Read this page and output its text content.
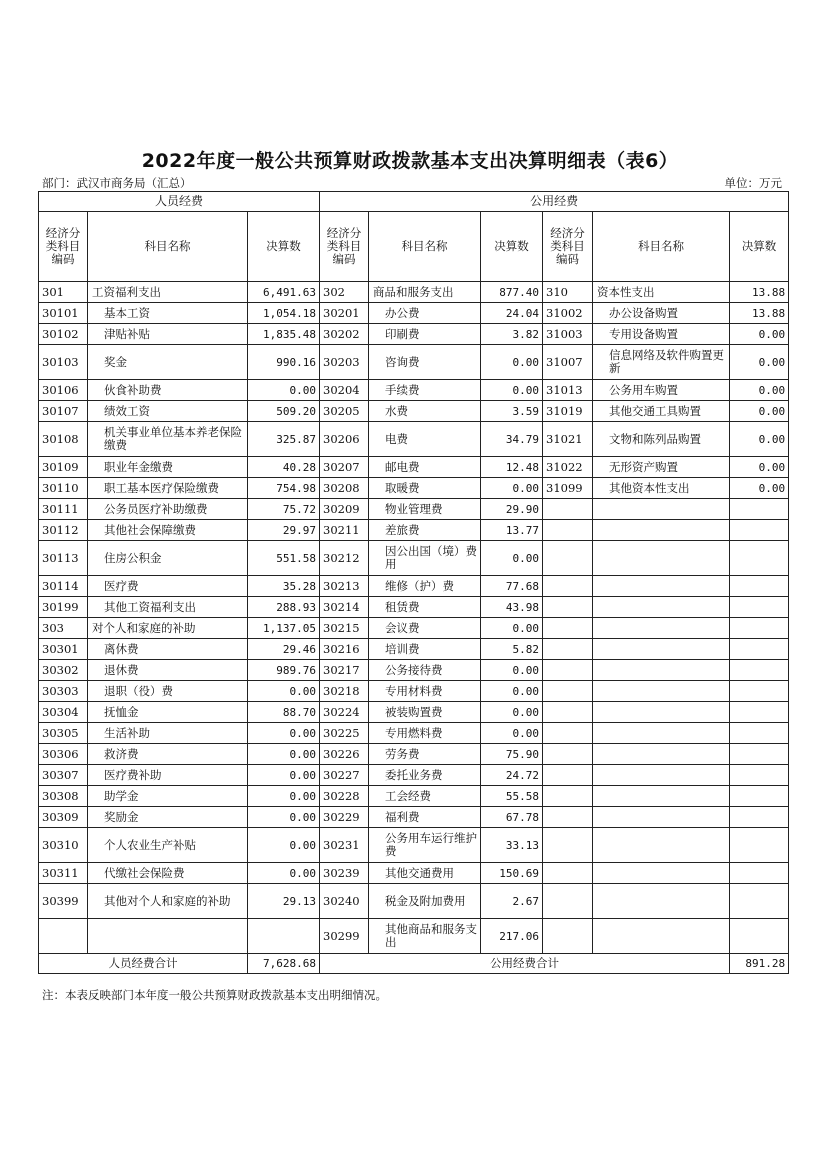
2022年度一般公共预算财政拨款基本支出决算明细表（表6）
部门：武汉市商务局（汇总）	单位：万元
人员经费			公用经费					
经济分类科目编码	科目名称	决算数	经济分类科目编码	科目名称	决算数	经济分类科目编码	科目名称	决算数
301	工资福利支出	6,491.63	302	商品和服务支出	877.40	310	资本性支出	13.88
30101	基本工资	1,054.18	30201	办公费	24.04	31002	办公设备购置	13.88
30102	津贴补贴	1,835.48	30202	印刷费	3.82	31003	专用设备购置	0.00
30103	奖金	990.16	30203	咨询费	0.00	31007	信息网络及软件购置更新	0.00
30106	伙食补助费	0.00	30204	手续费	0.00	31013	公务用车购置	0.00
30107	绩效工资	509.20	30205	水费	3.59	31019	其他交通工具购置	0.00
30108	机关事业单位基本养老保险缴费	325.87	30206	电费	34.79	31021	文物和陈列品购置	0.00
30109	职业年金缴费	40.28	30207	邮电费	12.48	31022	无形资产购置	0.00
30110	职工基本医疗保险缴费	754.98	30208	取暖费	0.00	31099	其他资本性支出	0.00
30111	公务员医疗补助缴费	75.72	30209	物业管理费	29.90			
30112	其他社会保障缴费	29.97	30211	差旅费	13.77			
30113	住房公积金	551.58	30212	因公出国（境）费用	0.00			
30114	医疗费	35.28	30213	维修（护）费	77.68			
30199	其他工资福利支出	288.93	30214	租赁费	43.98			
303	对个人和家庭的补助	1,137.05	30215	会议费	0.00			
30301	离休费	29.46	30216	培训费	5.82			
30302	退休费	989.76	30217	公务接待费	0.00			
30303	退职（役）费	0.00	30218	专用材料费	0.00			
30304	抚恤金	88.70	30224	被装购置费	0.00			
30305	生活补助	0.00	30225	专用燃料费	0.00			
30306	救济费	0.00	30226	劳务费	75.90			
30307	医疗费补助	0.00	30227	委托业务费	24.72			
30308	助学金	0.00	30228	工会经费	55.58			
30309	奖励金	0.00	30229	福利费	67.78			
30310	个人农业生产补贴	0.00	30231	公务用车运行维护费	33.13			
30311	代缴社会保险费	0.00	30239	其他交通费用	150.69			
30399	其他对个人和家庭的补助	29.13	30240	税金及附加费用	2.67			
			30299	其他商品和服务支出	217.06			
人员经费合计		7,628.68	公用经费合计					891.28
注：本表反映部门本年度一般公共预算财政拨款基本支出明细情况。
